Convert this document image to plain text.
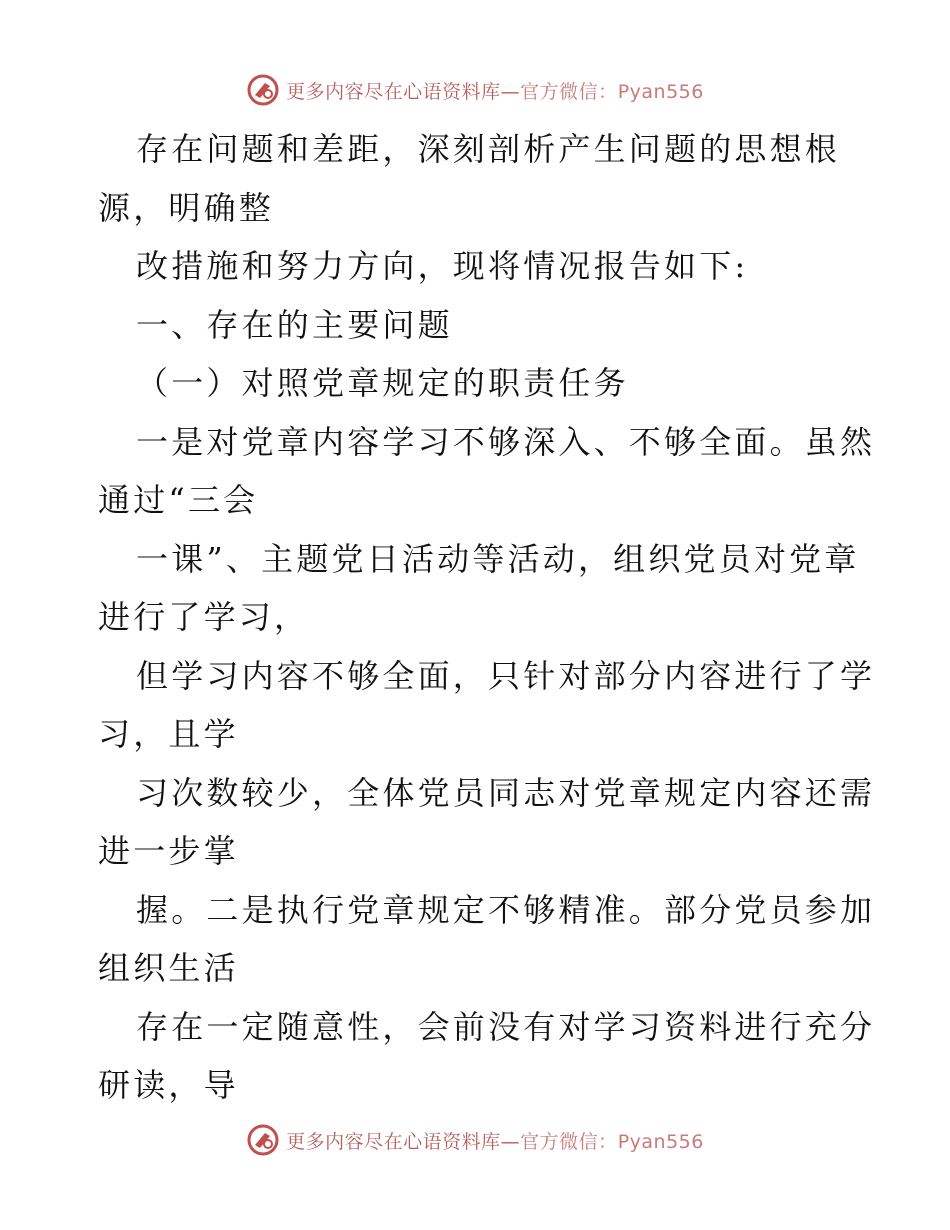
更多内容尽在心语资料库—官方微信：Pyan556
存在问题和差距，深刻剖析产生问题的思想根
源，明确整
改措施和努力方向，现将情况报告如下:
一、存在的主要问题
（一）对照党章规定的职责任务
一是对党章内容学习不够深入、不够全面。虽然
通过“三会
一课”、主题党日活动等活动，组织党员对党章
进行了学习，
但学习内容不够全面，只针对部分内容进行了学
习，且学
习次数较少，全体党员同志对党章规定内容还需
进一步掌
握。二是执行党章规定不够精准。部分党员参加
组织生活
存在一定随意性，会前没有对学习资料进行充分
研读，导
更多内容尽在心语资料库—官方微信：Pyan556
